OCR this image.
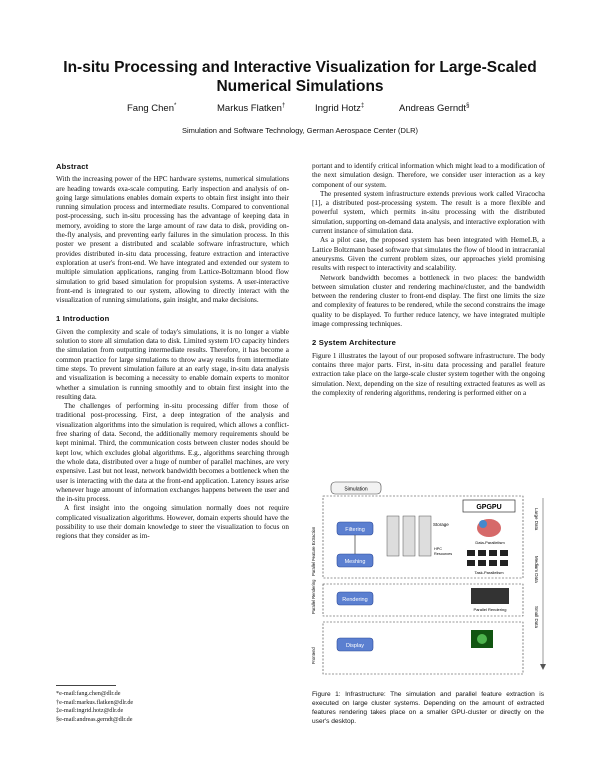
In-situ Processing and Interactive Visualization for Large-Scaled Numerical Simulations
Fang Chen*	Markus Flatken†	Ingrid Hotz‡	Andreas Gerndt§
Simulation and Software Technology, German Aerospace Center (DLR)
Abstract

With the increasing power of the HPC hardware systems, numerical simulations are heading towards exa-scale computing. Early inspection and analysis of on-going large simulations enables domain experts to obtain first insight into their running simulation process and intermediate results. Compared to conventional post-processing, such in-situ processing has the advantage of keeping data in memory, avoiding to store the large amount of raw data to disk, providing on-the-fly analysis, and preventing early failures in the simulation process. In this poster we present a distributed and scalable software infrastructure, which provides distributed in-situ data processing, feature extraction and interactive exploration at user's front-end. We have integrated and extended our system to multiple simulation applications, ranging from Lattice-Boltzmann blood flow simulation to grid based simulation for propulsion systems. A user-interactive front-end is integrated to our system, allowing to directly interact with the visualization of running simulations, gain insight, and make decisions.

1 Introduction

Given the complexity and scale of today's simulations, it is no longer a viable solution to store all simulation data to disk. Limited system I/O capacity hinders the simulation from outputting intermediate results. Therefore, it has become a common practice for large simulations to throw away results from intermediate time steps. To prevent simulation failure at an early stage, in-situ data analysis and visualization is becoming a necessity to enable domain experts to monitor whether a simulation is running smoothly and to obtain first insight into the resulting data.

The challenges of performing in-situ processing differ from those of traditional post-processing. First, a deep integration of the analysis and visualization algorithms into the simulation is required, which allows a conflict-free sharing of data. Second, the additionally memory requirements should be kept minimal. Third, the communication costs between cluster nodes should be kept low, which excludes global algorithms. E.g., algorithms searching through the whole data, distributed over a huge of number of parallel machines, are very expensive. Last but not least, network bandwidth becomes a bottleneck when the user is interacting with the data at the front-end application. Latency issues arise whenever huge amount of information exchanges happens between the user and the in-situ process.

A first insight into the ongoing simulation normally does not require complicated visualization algorithms. However, domain experts should have the possibility to use their domain knowledge to steer the visualization to focus on regions that they consider as im-

*e-mail:fang.chen@dlr.de
†e-mail:markus.flatken@dlr.de
‡e-mail:ingrid.hotz@dlr.de
§e-mail:andreas.gerndt@dlr.de

portant and to identify critical information which might lead to a modification of the next simulation design. Therefore, we consider user interaction as a key component of our system.

The presented system infrastructure extends previous work called Viracocha [1], a distributed post-processing system. The result is a more flexible and powerful system, which permits in-situ processing with the distributed simulation, supporting on-demand data analysis, and interactive exploration with current instance of simulation data.

As a pilot case, the proposed system has been integrated with HemeLB, a Lattice Boltzmann based software that simulates the flow of blood in intracranial aneurysms. Given the current problem sizes, our approaches yield promising results with respect to interactivity and scalability.

Network bandwidth becomes a bottleneck in two places: the bandwidth between simulation cluster and rendering machine/cluster, and the bandwidth between the rendering cluster to front-end display. The first one limits the size and complexity of features to be rendered, while the second constrains the image quality to be displayed. To further reduce latency, we have integrated multiple image compressing techniques.

2 System Architecture

Figure 1 illustrates the layout of our proposed software infrastructure. The body contains three major parts. First, in-situ data processing and parallel feature extraction take place on the large-scale cluster system together with the ongoing simulation. Next, depending on the size of resulting extracted features as well as the complexity of rendering algorithms, rendering is performed either on a

Simulation
GPGPU
Filtering
Meshing
Storage
HPC
Resources
Data-Parallelism
Task-Parallelism
Rendering
Parallel Rendering
Display
Parallel Feature Extraction
Parallel Rendering
Frontend
Large Data
Medium Data
Small Data
Figure 1: Infrastructure: The simulation and parallel feature extraction is executed on large cluster systems. Depending on the amount of extracted features rendering takes place on a smaller GPU-cluster or directly on the user's desktop.
